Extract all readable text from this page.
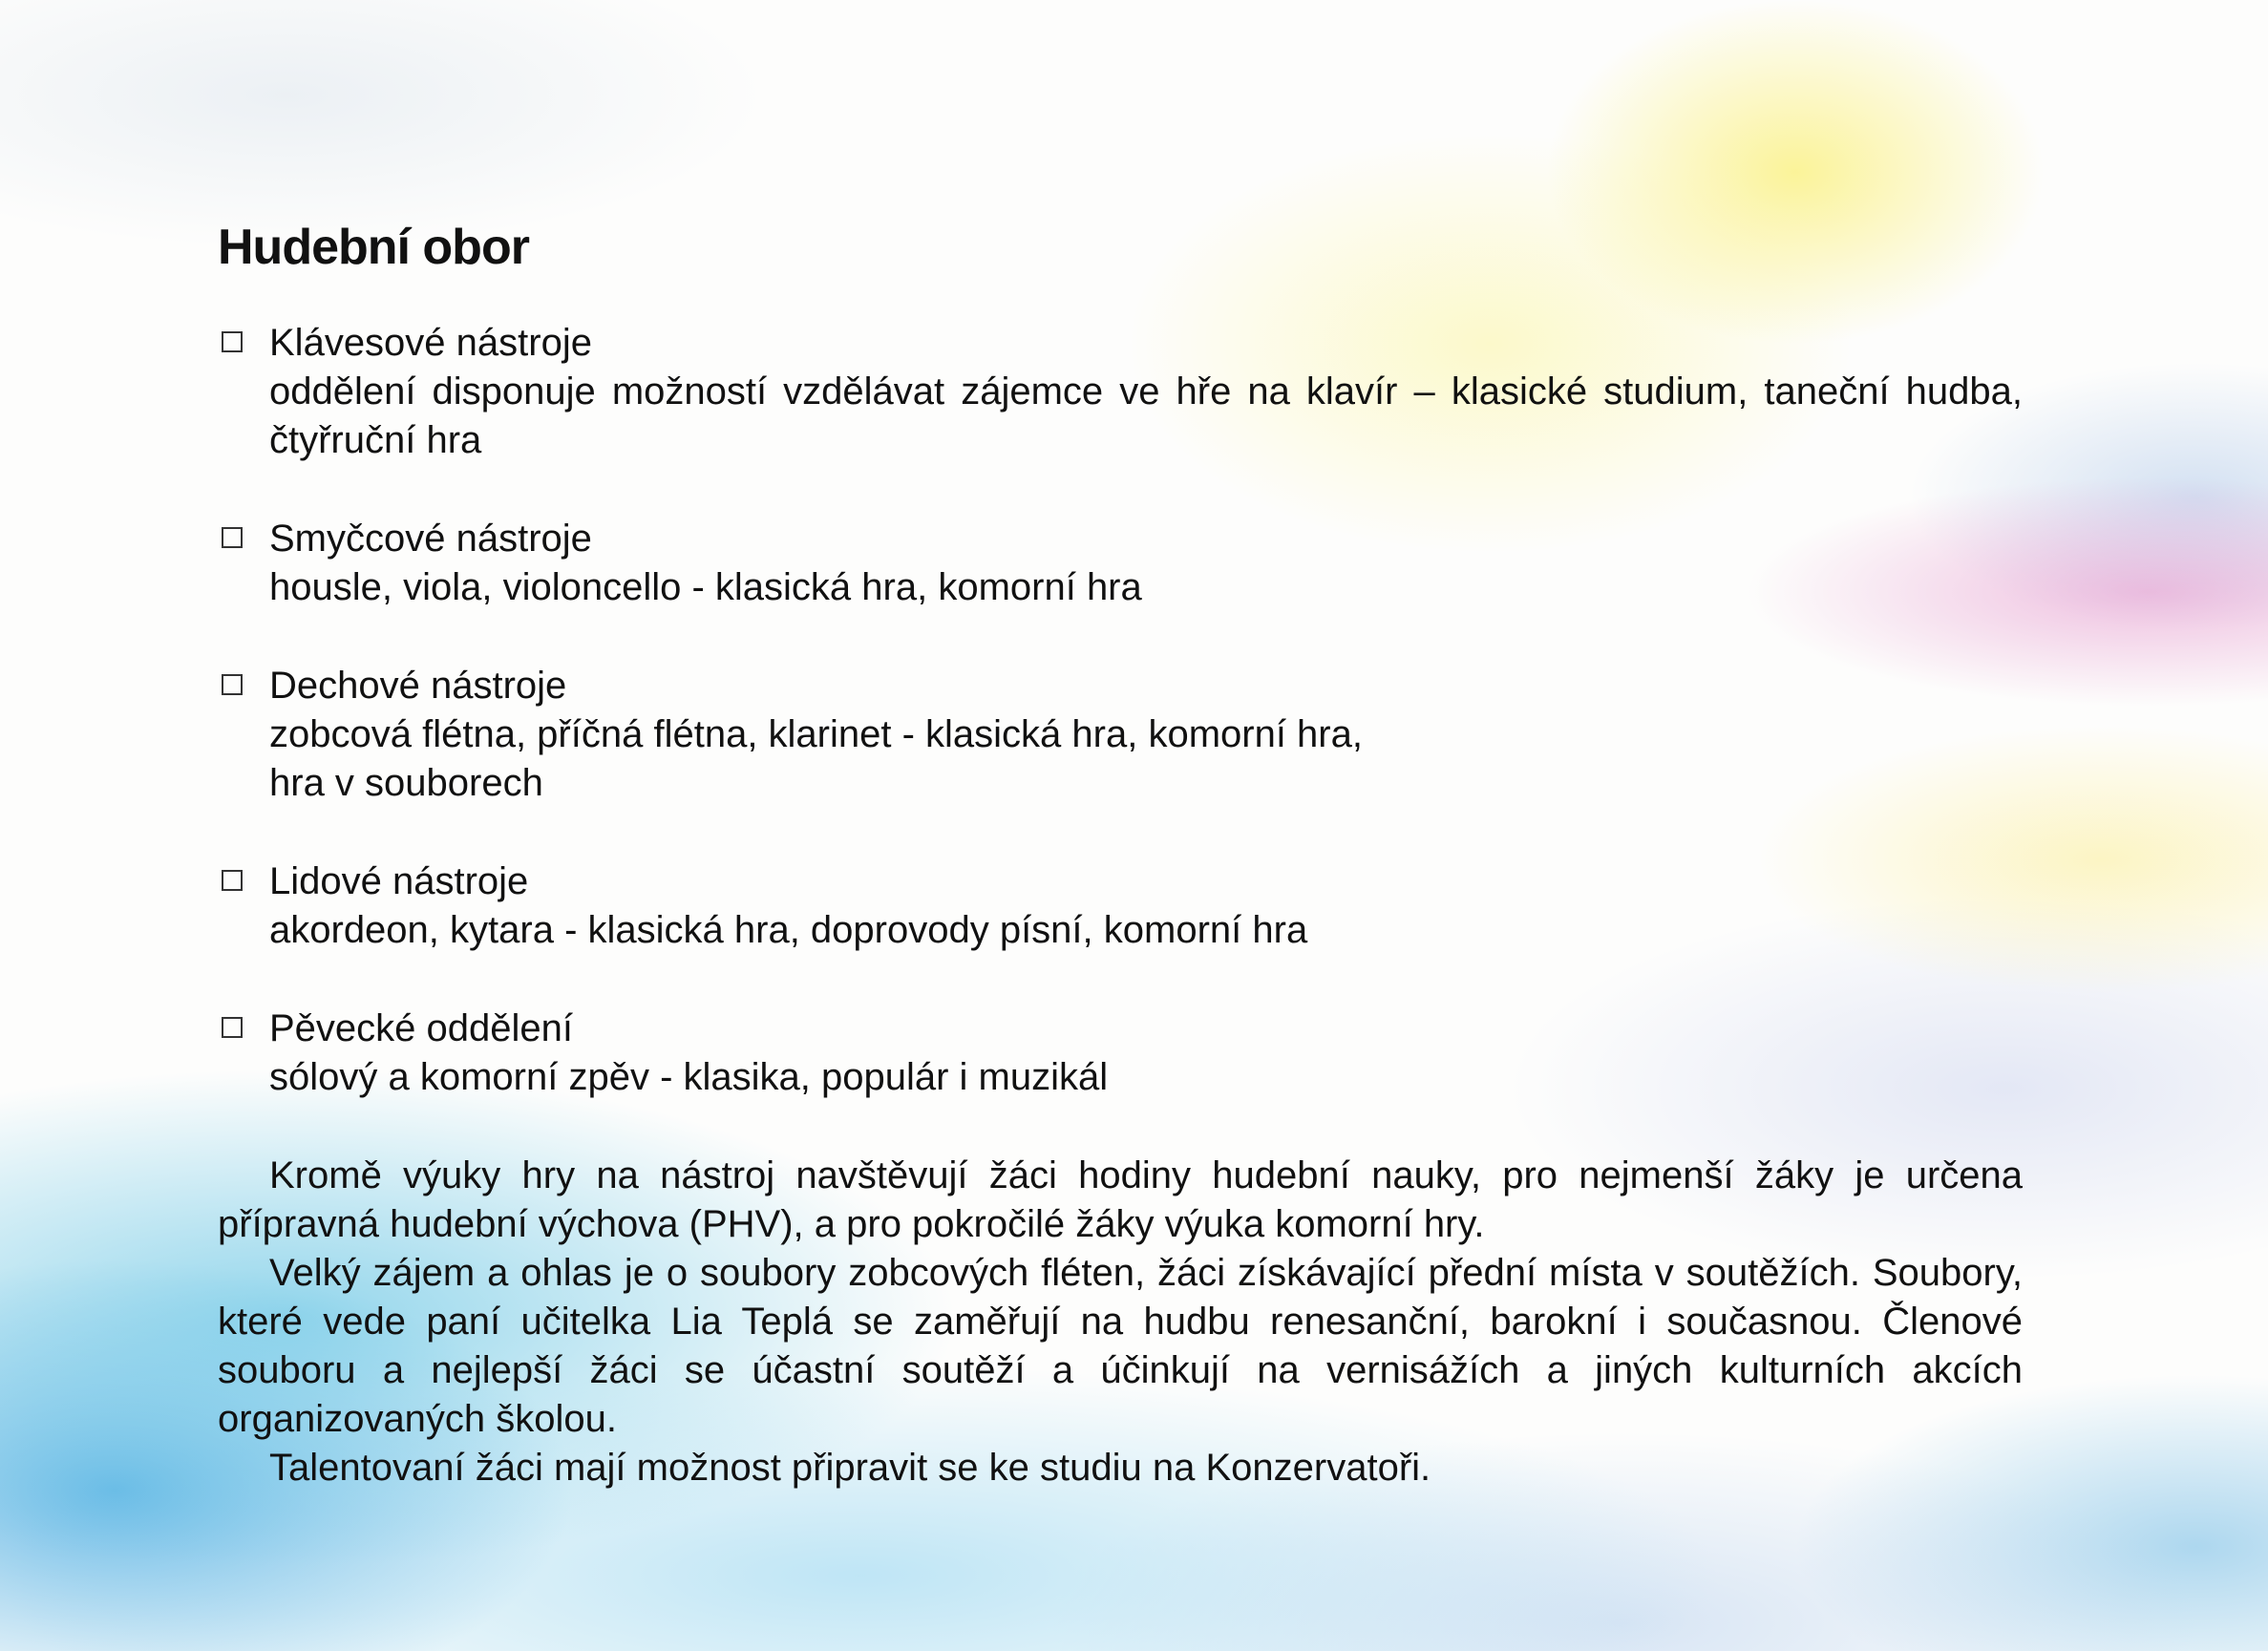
Hudební obor
Klávesové nástroje
oddělení disponuje možností vzdělávat zájemce ve hře na klavír – klasické studium, taneční hudba, čtyřruční hra
Smyčcové nástroje
housle, viola, violoncello - klasická hra, komorní hra
Dechové nástroje
zobcová flétna, příčná flétna, klarinet - klasická hra, komorní hra,
hra v souborech
Lidové nástroje
akordeon, kytara - klasická hra, doprovody písní, komorní hra
Pěvecké oddělení
sólový a komorní zpěv - klasika, populár i muzikál

Kromě výuky hry na nástroj navštěvují žáci hodiny hudební nauky, pro nejmenší žáky je určena přípravná hudební výchova (PHV), a pro pokročilé žáky výuka komorní hry.

Velký zájem a ohlas je o soubory zobcových fléten, žáci získávající přední místa v soutěžích. Soubory, které vede paní učitelka Lia Teplá se zaměřují na hudbu renesanční, barokní i současnou. Členové souboru a nejlepší žáci se účastní soutěží a účinkují na vernisážích a jiných kulturních akcích organizovaných školou.

Talentovaní žáci mají možnost připravit se ke studiu na Konzervatoři.
